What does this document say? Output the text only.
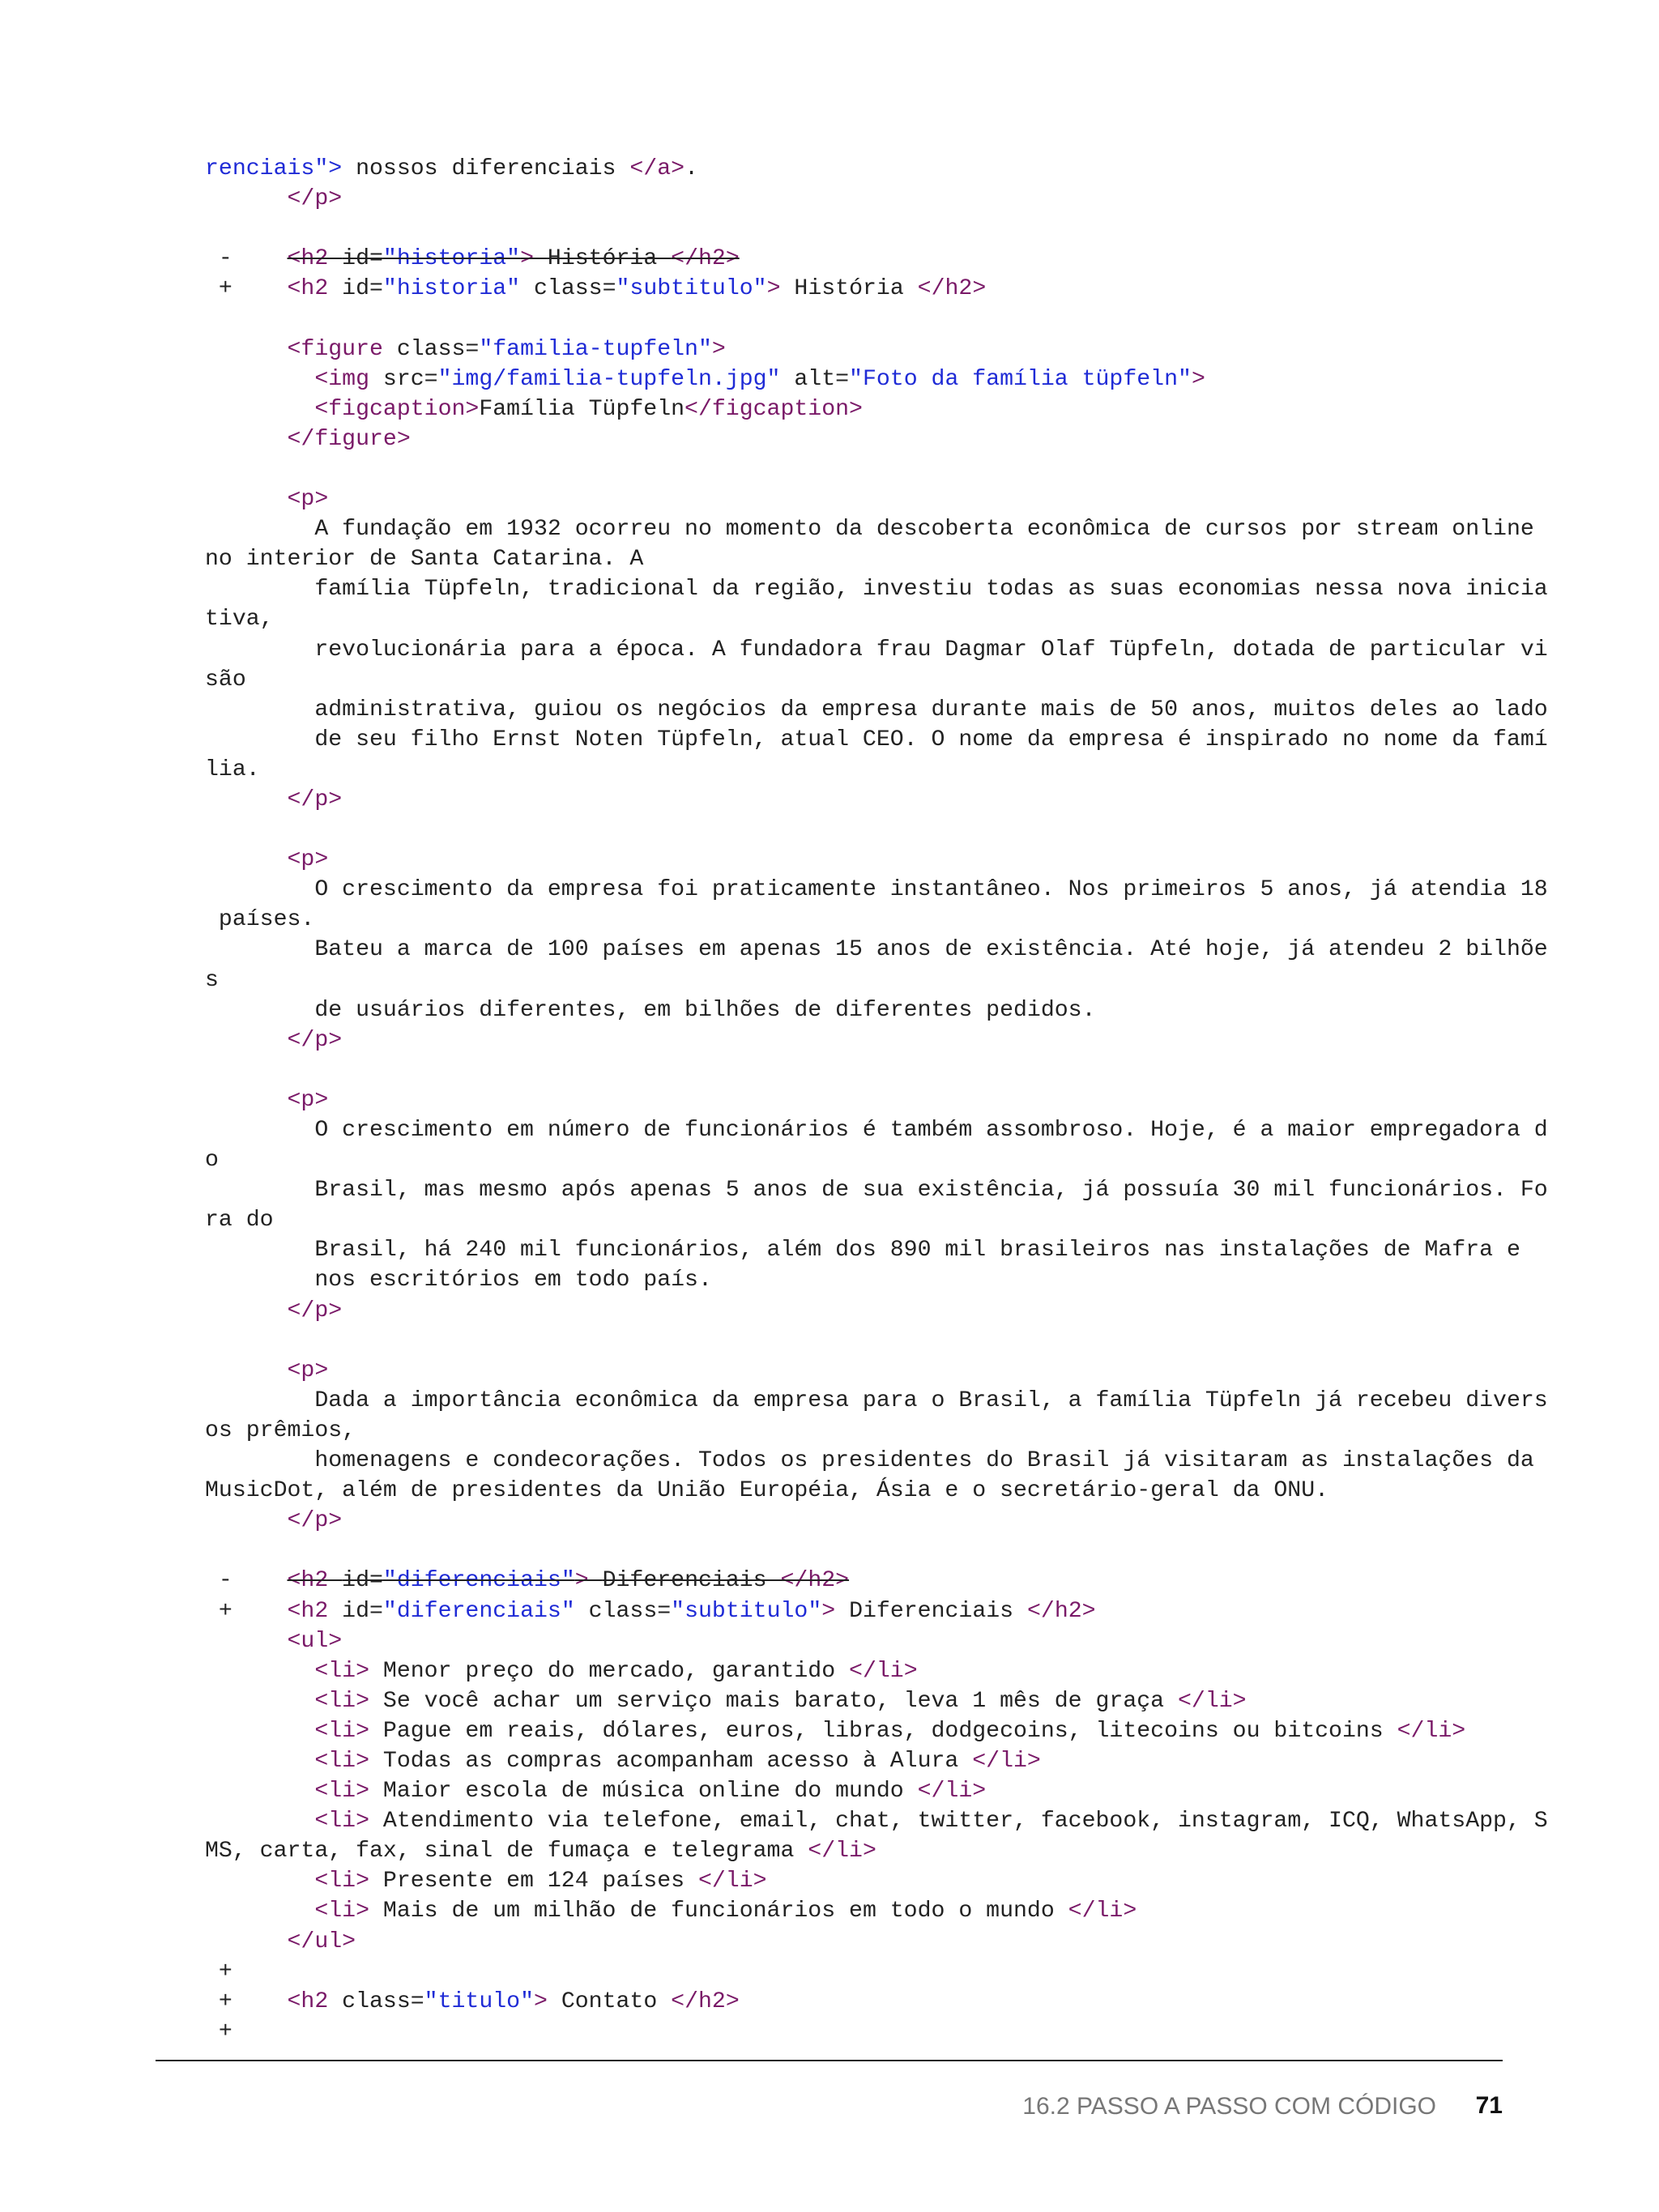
renciais"> nossos diferenciais </a>.
</p>
-    <h2 id="historia"> História </h2>
+    <h2 id="historia" class="subtitulo"> História </h2>
<figure class="familia-tupfeln">
<img src="img/familia-tupfeln.jpg" alt="Foto da família tüpfeln">
<figcaption>Família Tüpfeln</figcaption>
</figure>
<p>
A fundação em 1932 ocorreu no momento da descoberta econômica de cursos por stream online
no interior de Santa Catarina. A
família Tüpfeln, tradicional da região, investiu todas as suas economias nessa nova inicia
tiva,
revolucionária para a época. A fundadora frau Dagmar Olaf Tüpfeln, dotada de particular vi
são
administrativa, guiou os negócios da empresa durante mais de 50 anos, muitos deles ao lado
de seu filho Ernst Noten Tüpfeln, atual CEO. O nome da empresa é inspirado no nome da famí
lia.
</p>
<p>
O crescimento da empresa foi praticamente instantâneo. Nos primeiros 5 anos, já atendia 18
países.
Bateu a marca de 100 países em apenas 15 anos de existência. Até hoje, já atendeu 2 bilhõe
s
de usuários diferentes, em bilhões de diferentes pedidos.
</p>
<p>
O crescimento em número de funcionários é também assombroso. Hoje, é a maior empregadora d
o
Brasil, mas mesmo após apenas 5 anos de sua existência, já possuía 30 mil funcionários. Fo
ra do
Brasil, há 240 mil funcionários, além dos 890 mil brasileiros nas instalações de Mafra e
nos escritórios em todo país.
</p>
<p>
Dada a importância econômica da empresa para o Brasil, a família Tüpfeln já recebeu divers
os prêmios,
homenagens e condecorações. Todos os presidentes do Brasil já visitaram as instalações da
MusicDot, além de presidentes da União Européia, Ásia e o secretário-geral da ONU.
</p>
-    <h2 id="diferenciais"> Diferenciais </h2>
+    <h2 id="diferenciais" class="subtitulo"> Diferenciais </h2>
<ul>
<li> Menor preço do mercado, garantido </li>
<li> Se você achar um serviço mais barato, leva 1 mês de graça </li>
<li> Pague em reais, dólares, euros, libras, dodgecoins, litecoins ou bitcoins </li>
<li> Todas as compras acompanham acesso à Alura </li>
<li> Maior escola de música online do mundo </li>
<li> Atendimento via telefone, email, chat, twitter, facebook, instagram, ICQ, WhatsApp, S
MS, carta, fax, sinal de fumaça e telegrama </li>
<li> Presente em 124 países </li>
<li> Mais de um milhão de funcionários em todo o mundo </li>
</ul>
+
+    <h2 class="titulo"> Contato </h2>
+
16.2 PASSO A PASSO COM CÓDIGO 71
